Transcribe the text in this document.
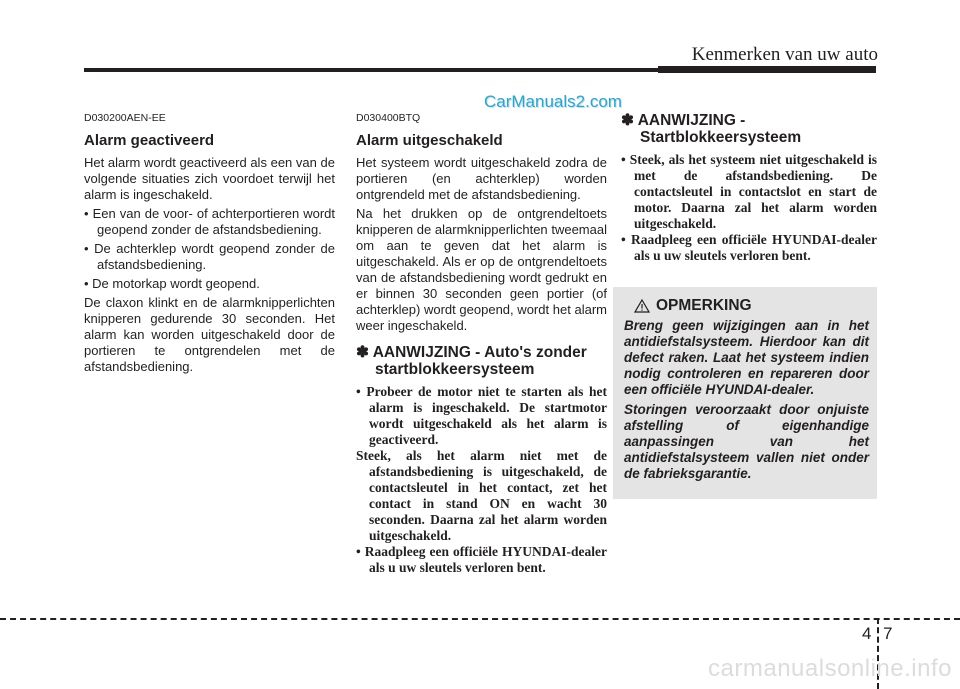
Kenmerken van uw auto
CarManuals2.com
D030200AEN-EE
Alarm geactiveerd
Het alarm wordt geactiveerd als een van de volgende situaties zich voordoet terwijl het alarm is ingeschakeld.
• Een van de voor- of achterportieren wordt geopend zonder de afstandsbediening.
• De achterklep wordt geopend zonder de afstandsbediening.
• De motorkap wordt geopend.
De claxon klinkt en de alarmknipperlichten knipperen gedurende 30 seconden. Het alarm kan worden uitgeschakeld door de portieren te ontgrendelen met de afstandsbediening.
D030400BTQ
Alarm uitgeschakeld
Het systeem wordt uitgeschakeld zodra de portieren (en achterklep) worden ontgrendeld met de afstandsbediening.
Na het drukken op de ontgrendeltoets knipperen de alarmknipperlichten tweemaal om aan te geven dat het alarm is uitgeschakeld. Als er op de ontgrendeltoets van de afstandsbediening wordt gedrukt en er binnen 30 seconden geen portier (of achterklep) wordt geopend, wordt het alarm weer ingeschakeld.
✽ AANWIJZING - Auto's zonder
startblokkeersysteem
• Probeer de motor niet te starten als het alarm is ingeschakeld. De startmotor wordt uitgeschakeld als het alarm is geactiveerd.
Steek, als het alarm niet met de afstandsbediening is uitgeschakeld, de contactsleutel in het contact, zet het contact in stand ON en wacht 30 seconden. Daarna zal het alarm worden uitgeschakeld.
• Raadpleeg een officiële HYUNDAI-dealer als u uw sleutels verloren bent.
✽ AANWIJZING -
Startblokkeersysteem
• Steek, als het systeem niet uitgeschakeld is met de afstandsbediening. De contactsleutel in contactslot en start de motor. Daarna zal het alarm worden uitgeschakeld.
• Raadpleeg een officiële HYUNDAI-dealer als u uw sleutels verloren bent.
OPMERKING

Breng geen wijzigingen aan in het antidiefstalsysteem. Hierdoor kan dit defect raken. Laat het systeem indien nodig controleren en repareren door een officiële HYUNDAI-dealer.

Storingen veroorzaakt door onjuiste afstelling of eigenhandige aanpassingen van het antidiefstalsysteem vallen niet onder de fabrieksgarantie.

4 7
carmanualsonline.info
